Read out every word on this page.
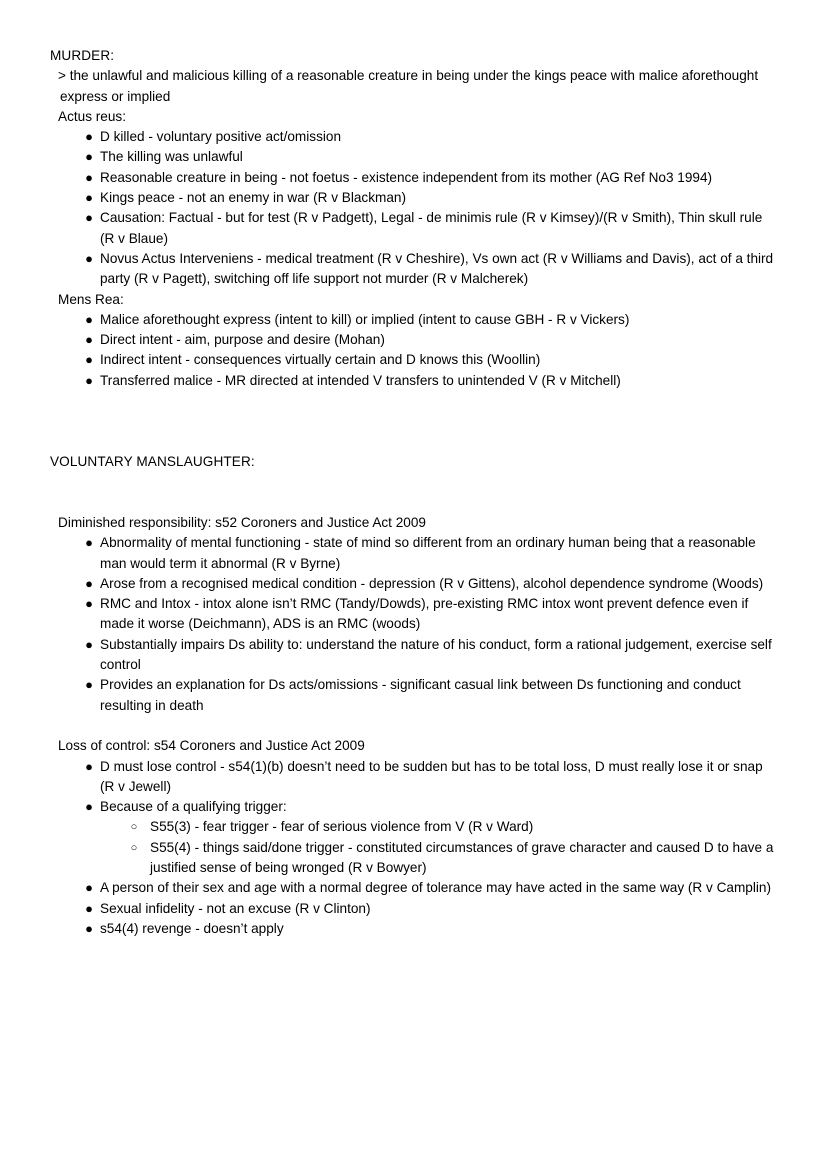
MURDER:

> the unlawful and malicious killing of a reasonable creature in being under the kings peace with malice aforethought express or implied

Actus reus:

● D killed - voluntary positive act/omission
● The killing was unlawful
● Reasonable creature in being - not foetus - existence independent from its mother (AG Ref No3 1994)
● Kings peace - not an enemy in war (R v Blackman)
● Causation: Factual - but for test (R v Padgett), Legal - de minimis rule (R v Kimsey)/(R v Smith), Thin skull rule (R v Blaue)
● Novus Actus Interveniens - medical treatment (R v Cheshire), Vs own act (R v Williams and Davis), act of a third party (R v Pagett), switching off life support not murder (R v Malcherek)

Mens Rea:

● Malice aforethought express (intent to kill) or implied (intent to cause GBH - R v Vickers)
● Direct intent - aim, purpose and desire (Mohan)
● Indirect intent - consequences virtually certain and D knows this (Woollin)
● Transferred malice - MR directed at intended V transfers to unintended V (R v Mitchell)

VOLUNTARY MANSLAUGHTER:

Diminished responsibility: s52 Coroners and Justice Act 2009

● Abnormality of mental functioning - state of mind so different from an ordinary human being that a reasonable man would term it abnormal (R v Byrne)
● Arose from a recognised medical condition - depression (R v Gittens), alcohol dependence syndrome (Woods)
● RMC and Intox - intox alone isn’t RMC (Tandy/Dowds), pre-existing RMC intox wont prevent defence even if made it worse (Deichmann), ADS is an RMC (woods)
● Substantially impairs Ds ability to: understand the nature of his conduct, form a rational judgement, exercise self control
● Provides an explanation for Ds acts/omissions - significant casual link between Ds functioning and conduct resulting in death

Loss of control: s54 Coroners and Justice Act 2009

● D must lose control - s54(1)(b) doesn’t need to be sudden but has to be total loss, D must really lose it or snap (R v Jewell)
● Because of a qualifying trigger:
○ S55(3) - fear trigger - fear of serious violence from V (R v Ward)
○ S55(4) - things said/done trigger - constituted circumstances of grave character and caused D to have a justified sense of being wronged (R v Bowyer)
● A person of their sex and age with a normal degree of tolerance may have acted in the same way (R v Camplin)
● Sexual infidelity - not an excuse (R v Clinton)
● s54(4) revenge - doesn’t apply
